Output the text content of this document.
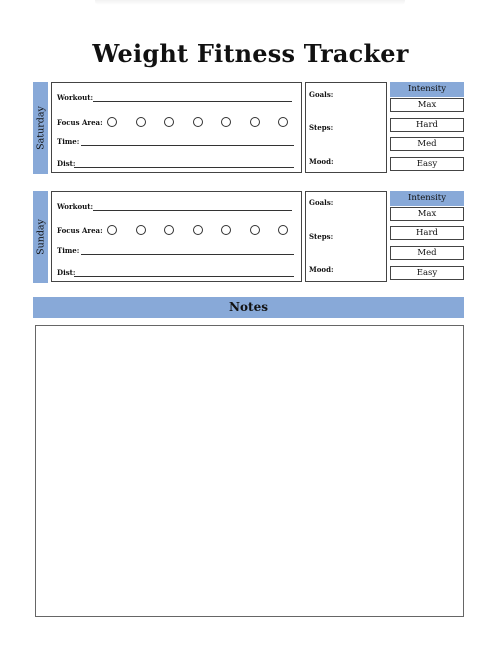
Weight Fitness Tracker
Saturday
Workout:
Focus Area:
Time:
Dist:
Goals:
Steps:
Mood:
Intensity
Max
Hard
Med
Easy
Sunday
Workout:
Focus Area:
Time:
Dist:
Goals:
Steps:
Mood:
Intensity
Max
Hard
Med
Easy
Notes
